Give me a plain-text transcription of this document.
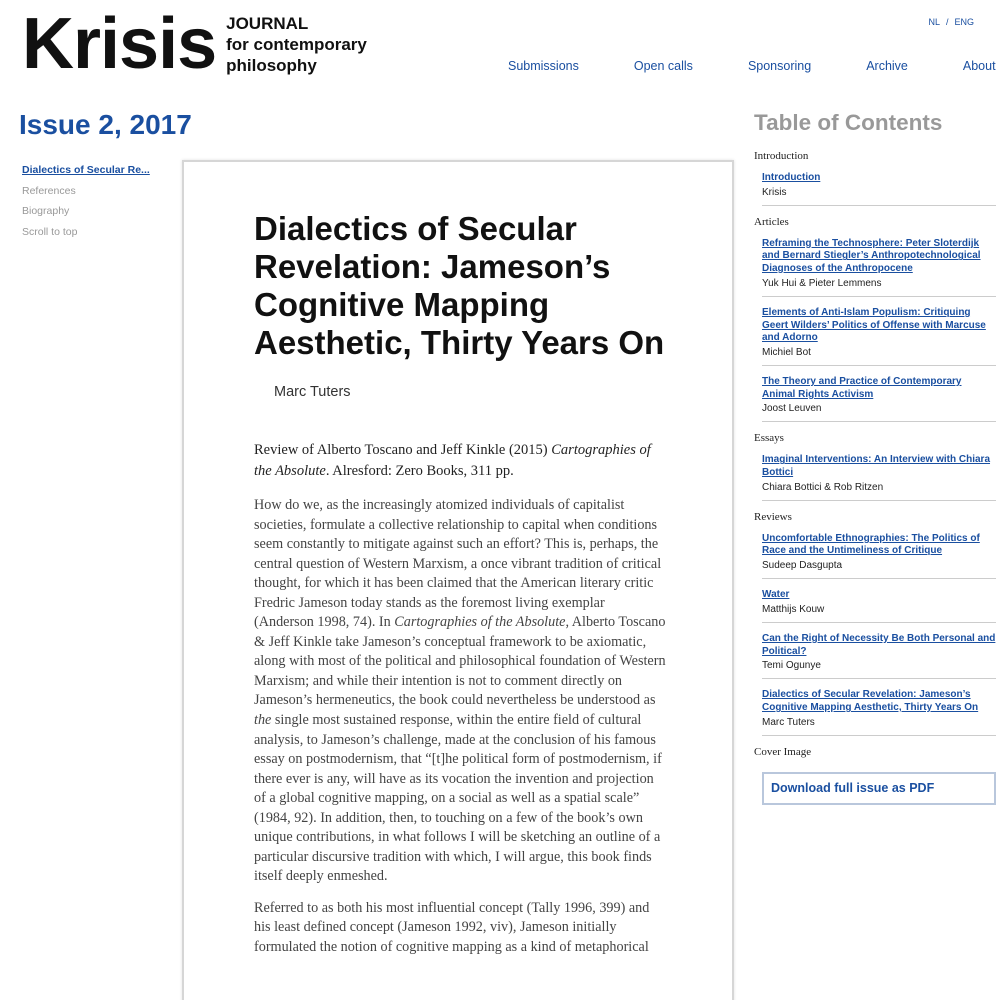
Krisis JOURNAL
for contemporary
philosophy
NL / ENG
Submissions	Open calls	Sponsoring	Archive	About
Issue 2, 2017
Dialectics of Secular Re...
References
Biography
Scroll to top	Dialectics of Secular Revelation: Jameson’s Cognitive Mapping Aesthetic, Thirty Years On
Marc Tuters
Review of Alberto Toscano and Jeff Kinkle (2015) Cartographies of the Absolute. Alresford: Zero Books, 311 pp.

How do we, as the increasingly atomized individuals of capitalist societies, formulate a collective relationship to capital when conditions seem constantly to mitigate against such an effort? This is, perhaps, the central question of Western Marxism, a once vibrant tradition of critical thought, for which it has been claimed that the American literary critic Fredric Jameson today stands as the foremost living exemplar (Anderson 1998, 74). In Cartographies of the Absolute, Alberto Toscano & Jeff Kinkle take Jameson’s conceptual framework to be axiomatic, along with most of the political and philosophical foundation of Western Marxism; and while their intention is not to comment directly on Jameson’s hermeneutics, the book could nevertheless be understood as the single most sustained response, within the entire field of cultural analysis, to Jameson’s challenge, made at the conclusion of his famous essay on postmodernism, that “[t]he political form of postmodernism, if there ever is any, will have as its vocation the invention and projection of a global cognitive mapping, on a social as well as a spatial scale” (1984, 92). In addition, then, to touching on a few of the book’s own unique contributions, in what follows I will be sketching an outline of a particular discursive tradition with which, I will argue, this book finds itself deeply enmeshed.

Referred to as both his most influential concept (Tally 1996, 399) and his least defined concept (Jameson 1992, viv), Jameson initially formulated the notion of cognitive mapping as a kind of metaphorical

Table of Contents
Introduction
Introduction
Krisis
Articles
Reframing the Technosphere: Peter Sloterdijk and Bernard Stiegler’s Anthropotechnological Diagnoses of the Anthropocene
Yuk Hui & Pieter Lemmens
Elements of Anti-Islam Populism: Critiquing Geert Wilders’ Politics of Offense with Marcuse and Adorno
Michiel Bot
The Theory and Practice of Contemporary Animal Rights Activism
Joost Leuven
Essays
Imaginal Interventions: An Interview with Chiara Bottici
Chiara Bottici & Rob Ritzen
Reviews
Uncomfortable Ethnographies: The Politics of Race and the Untimeliness of Critique
Sudeep Dasgupta
Water
Matthijs Kouw
Can the Right of Necessity Be Both Personal and Political?
Temi Ogunye
Dialectics of Secular Revelation: Jameson’s Cognitive Mapping Aesthetic, Thirty Years On
Marc Tuters
Cover Image
Download full issue as PDF
